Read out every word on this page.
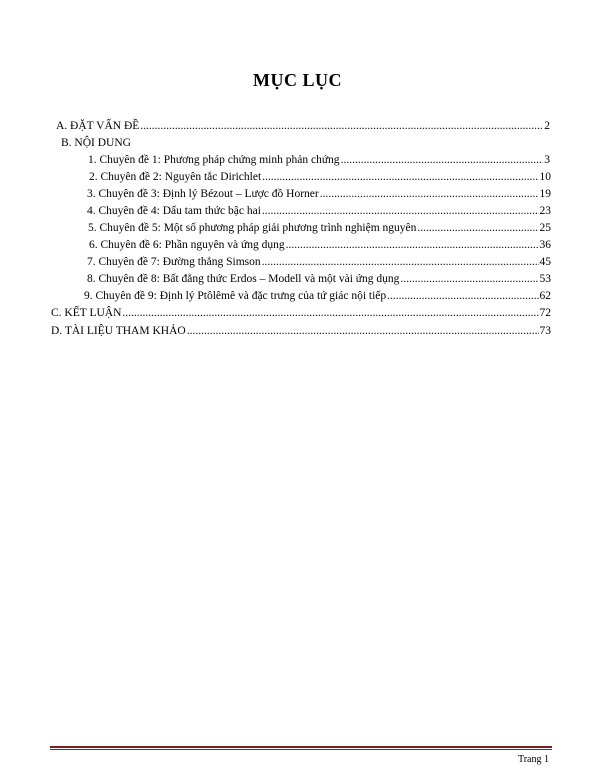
MỤC LỤC
A. ĐẶT VẤN ĐỀ .....	2
B. NỘI DUNG
1. Chuyên đề 1: Phương pháp chứng minh phản chứng .....	3
2. Chuyên đề 2: Nguyên tắc Dirichlet .....	10
3. Chuyên đề 3: Định lý Bézout – Lược đồ Horner .....	19
4. Chuyên đề 4: Dấu tam thức bậc hai .....	23
5. Chuyên đề 5: Một số phương pháp giải phương trình nghiệm nguyên .....	25
6. Chuyên đề 6: Phần nguyên và ứng dụng .....	36
7. Chuyên đề 7: Đường thẳng Simson .....	45
8. Chuyên đề 8: Bất đẳng thức Erdos – Modell và một vài ứng dụng .....	53
9. Chuyên đề 9: Định lý Ptôlêmê và đặc trưng của tứ giác nội tiếp .....	62
C. KẾT LUẬN .....	72
D. TÀI LIỆU THAM KHẢO .....	73
Trang 1
